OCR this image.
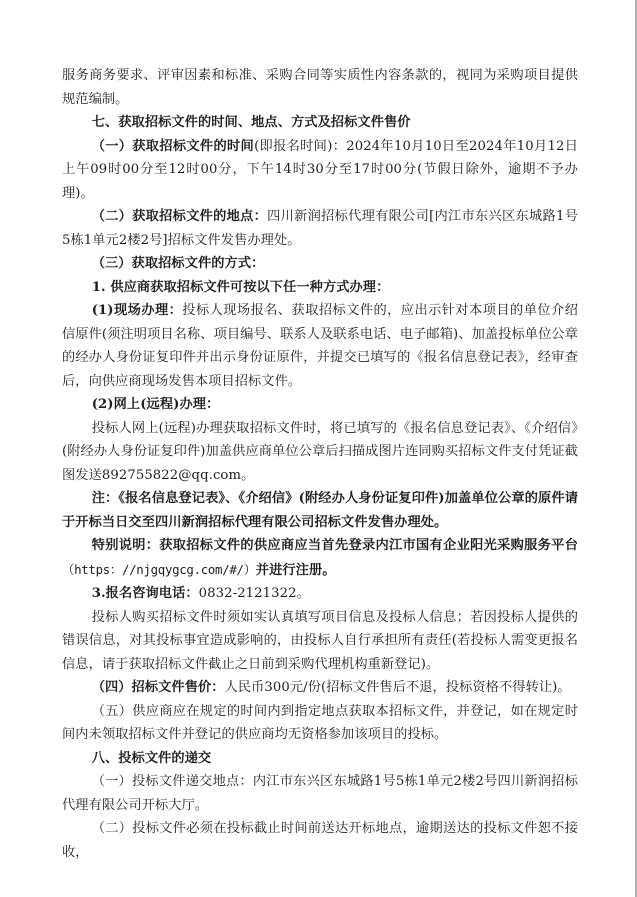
服务商务要求、评审因素和标准、采购合同等实质性内容条款的，视同为采购项目提供规范编制。

七、获取招标文件的时间、地点、方式及招标文件售价

（一）获取招标文件的时间(即报名时间)：2024年10月10日至2024年10月12日上午09时00分至12时00分，下午14时30分至17时00分(节假日除外，逾期不予办理)。

（二）获取招标文件的地点：四川新润招标代理有限公司[内江市东兴区东城路1号5栋1单元2楼2号]招标文件发售办理处。

（三）获取招标文件的方式：

1. 供应商获取招标文件可按以下任一种方式办理：

(1)现场办理：投标人现场报名、获取招标文件的，应出示针对本项目的单位介绍信原件(须注明项目名称、项目编号、联系人及联系电话、电子邮箱)、加盖投标单位公章的经办人身份证复印件并出示身份证原件，并提交已填写的《报名信息登记表》，经审查后，向供应商现场发售本项目招标文件。

(2)网上(远程)办理：

投标人网上(远程)办理获取招标文件时，将已填写的《报名信息登记表》、《介绍信》(附经办人身份证复印件)加盖供应商单位公章后扫描成图片连同购买招标文件支付凭证截图发送892755822@qq.com。

注：《报名信息登记表》、《介绍信》(附经办人身份证复印件)加盖单位公章的原件请于开标当日交至四川新润招标代理有限公司招标文件发售办理处。

特别说明：获取招标文件的供应商应当首先登录内江市国有企业阳光采购服务平台（https：//njgqygcg.com/#/）并进行注册。

3.报名咨询电话：0832-2121322。

投标人购买招标文件时须如实认真填写项目信息及投标人信息；若因投标人提供的错误信息，对其投标事宜造成影响的，由投标人自行承担所有责任(若投标人需变更报名信息，请于获取招标文件截止之日前到采购代理机构重新登记)。

（四）招标文件售价：人民币300元/份(招标文件售后不退，投标资格不得转让)。

（五）供应商应在规定的时间内到指定地点获取本招标文件，并登记，如在规定时间内未领取招标文件并登记的供应商均无资格参加该项目的投标。

八、投标文件的递交

（一）投标文件递交地点：内江市东兴区东城路1号5栋1单元2楼2号四川新润招标代理有限公司开标大厅。

（二）投标文件必须在投标截止时间前送达开标地点，逾期送达的投标文件恕不接收，
